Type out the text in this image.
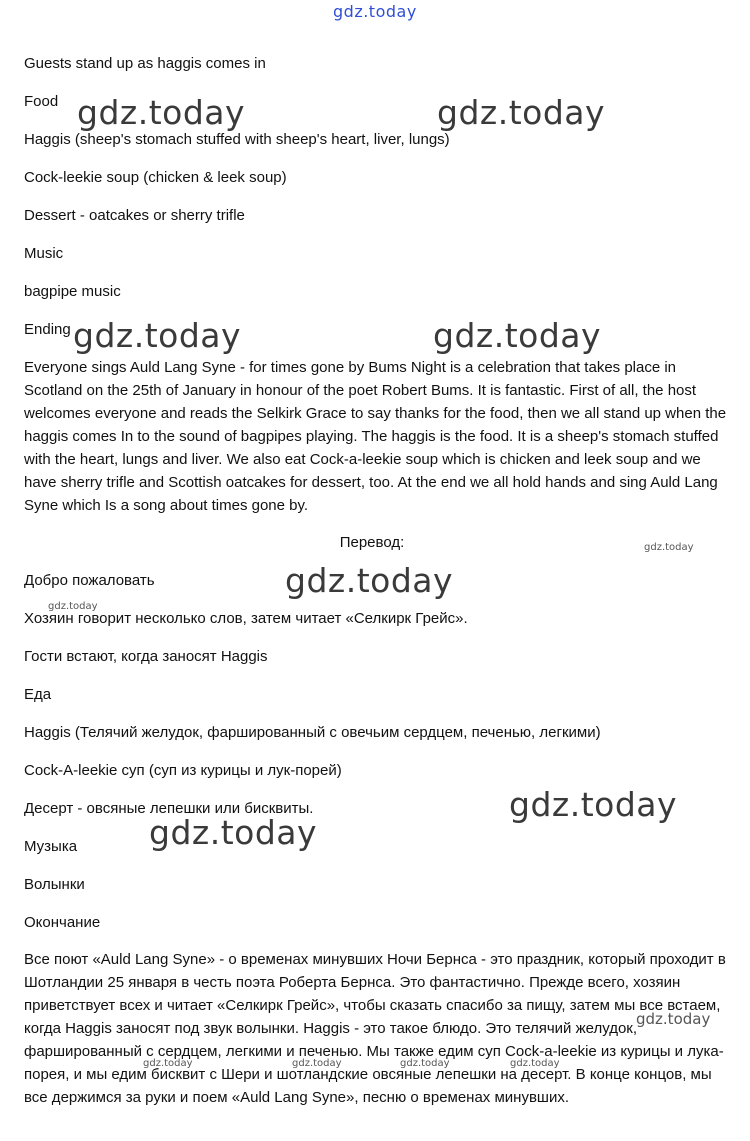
gdz.today
Guests stand up as haggis comes in
Food
Haggis (sheep's stomach stuffed with sheep's heart, liver, lungs)
Cock-leekie soup (chicken & leek soup)
Dessert - oatcakes or sherry trifle
Music
bagpipe music
Ending

Everyone sings Auld Lang Syne - for times gone by Bums Night is a celebration that takes place in Scotland on the 25th of January in honour of the poet Robert Bums. It is fantastic. First of all, the host welcomes everyone and reads the Selkirk Grace to say thanks for the food, then we all stand up when the haggis comes In to the sound of bagpipes playing. The haggis is the food. It is a sheep's stomach stuffed with the heart, lungs and liver. We also eat Cock-a-leekie soup which is chicken and leek soup and we have sherry trifle and Scottish oatcakes for dessert, too. At the end we all hold hands and sing Auld Lang Syne which Is a song about times gone by.

Перевод:
Добро пожаловать
Хозяин говорит несколько слов, затем читает «Селкирк Грейс».
Гости встают, когда заносят Haggis
Еда
Haggis (Телячий желудок, фаршированный с овечьим сердцем, печенью, легкими)
Cock-A-leekie суп (суп из курицы и лук-порей)
Десерт - овсяные лепешки или бисквиты.
Музыка
Волынки
Окончание

Все поют «Auld Lang Syne» - о временах минувших Ночи Бернса - это праздник, который проходит в Шотландии 25 января в честь поэта Роберта Бернса. Это фантастично. Прежде всего, хозяин приветствует всех и читает «Селкирк Грейс», чтобы сказать спасибо за пищу, затем мы все встаем, когда Haggis заносят под звук волынки. Haggis - это такое блюдо. Это телячий желудок, фаршированный с сердцем, легкими и печенью. Мы также едим суп Cock-a-leekie из курицы и лука-порея, и мы едим бисквит с Шери и шотландские овсяные лепешки на десерт. В конце концов, мы все держимся за руки и поем «Auld Lang Syne», песню о временах минувших.

gdz.today	gdz.today
gdz.today	gdz.today
gdz.today
gdz.today
gdz.today
gdz.today
gdz.today
gdz.today
gdz.today	gdz.today	gdz.today	gdz.today
